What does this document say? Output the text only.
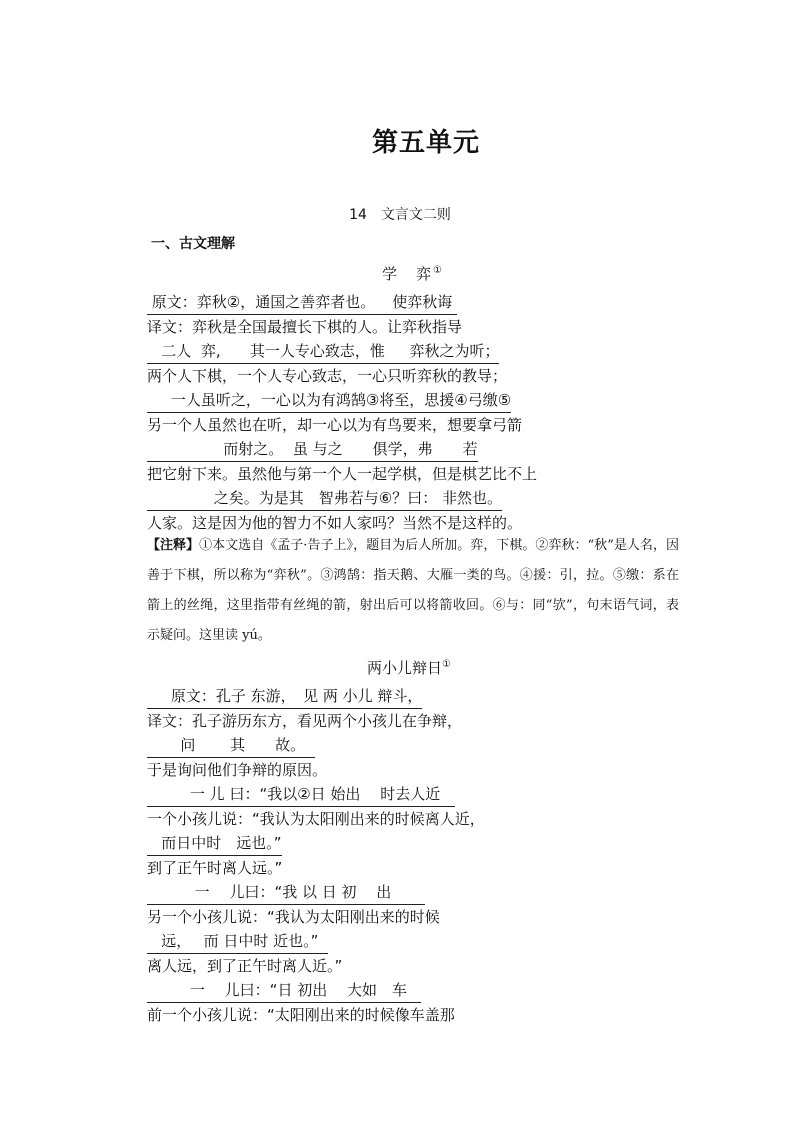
第五单元
14　文言文二则
一、古文理解
学　弈①
原文：弈秋②，通国之善弈者也。　  使弈秋诲
译文：弈秋是全国最擅长下棋的人。让弈秋指导
二人  弈,　   其一人专心致志，惟　  弈秋之为听；
两个人下棋，一个人专心致志，一心只听弈秋的教导；
一人虽听之，一心以为有鸿鹄③将至，思援④弓缴⑤
另一个人虽然也在听，却一心以为有鸟要来，想要拿弓箭
而射之。  虽 与之　　俱学，弗　　若
把它射下来。虽然他与第一个人一起学棋，但是棋艺比不上
之矣。为是其　智弗若与⑥？曰： 非然也。
人家。这是因为他的智力不如人家吗？当然不是这样的。
【注释】①本文选自《孟子·告子上》，题目为后人所加。弈，下棋。②弈秋：“秋”是人名，因善于下棋，所以称为“弈秋”。③鸿鹄：指天鹅、大雁一类的鸟。④援：引，拉。⑤缴：系在箭上的丝绳，这里指带有丝绳的箭，射出后可以将箭收回。⑥与：同“欤”，句末语气词，表示疑问。这里读 yú。
两小儿辩日①
原文：孔子 东游，　见 两 小儿 辩斗，
译文：孔子游历东方，看见两个小孩儿在争辩，
问　　 其　　故。
于是询问他们争辩的原因。
一 儿 曰：“我以②日 始出　 时去人近
一个小孩儿说：“我认为太阳刚出来的时候离人近，
而日中时　远也。”
到了正午时离人远。”
一　 儿曰：“我 以 日 初　 出
另一个小孩儿说：“我认为太阳刚出来的时候
远，　 而 日中时 近也。”
离人远，到了正午时离人近。”
一　 儿曰：“日 初出　 大如　车
前一个小孩儿说：“太阳刚出来的时候像车盖那
